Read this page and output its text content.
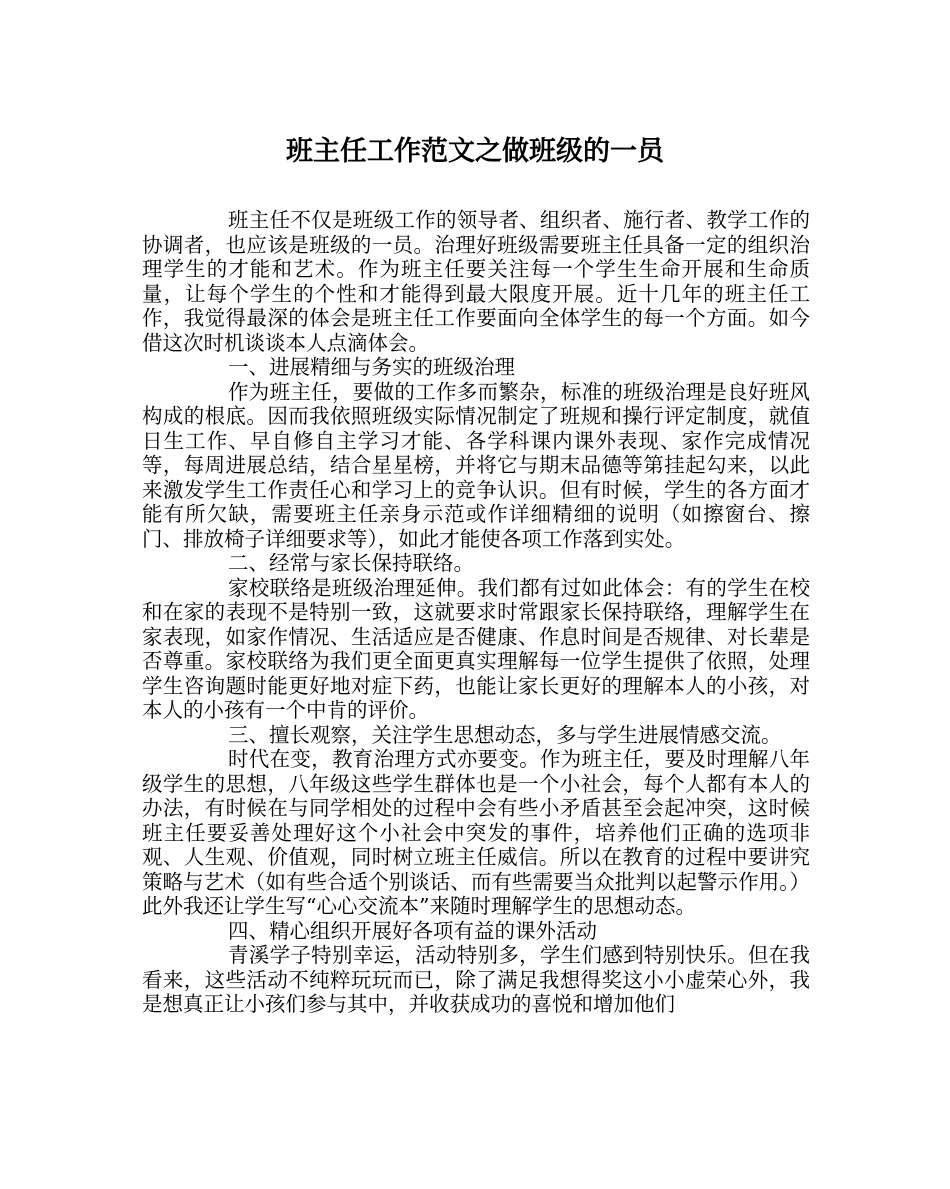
班主任工作范文之做班级的一员

班主任不仅是班级工作的领导者、组织者、施行者、教学工作的协调者，也应该是班级的一员。治理好班级需要班主任具备一定的组织治理学生的才能和艺术。作为班主任要关注每一个学生生命开展和生命质量，让每个学生的个性和才能得到最大限度开展。近十几年的班主任工作，我觉得最深的体会是班主任工作要面向全体学生的每一个方面。如今借这次时机谈谈本人点滴体会。

一、进展精细与务实的班级治理

作为班主任，要做的工作多而繁杂，标准的班级治理是良好班风构成的根底。因而我依照班级实际情况制定了班规和操行评定制度，就值日生工作、早自修自主学习才能、各学科课内课外表现、家作完成情况等，每周进展总结，结合星星榜，并将它与期末品德等第挂起勾来，以此来激发学生工作责任心和学习上的竞争认识。但有时候，学生的各方面才能有所欠缺，需要班主任亲身示范或作详细精细的说明（如擦窗台、擦门、排放椅子详细要求等），如此才能使各项工作落到实处。

二、经常与家长保持联络。

家校联络是班级治理延伸。我们都有过如此体会：有的学生在校和在家的表现不是特别一致，这就要求时常跟家长保持联络，理解学生在家表现，如家作情况、生活适应是否健康、作息时间是否规律、对长辈是否尊重。家校联络为我们更全面更真实理解每一位学生提供了依照，处理学生咨询题时能更好地对症下药，也能让家长更好的理解本人的小孩，对本人的小孩有一个中肯的评价。

三、擅长观察，关注学生思想动态，多与学生进展情感交流。

时代在变，教育治理方式亦要变。作为班主任，要及时理解八年级学生的思想，八年级这些学生群体也是一个小社会，每个人都有本人的办法，有时候在与同学相处的过程中会有些小矛盾甚至会起冲突，这时候班主任要妥善处理好这个小社会中突发的事件，培养他们正确的选项非观、人生观、价值观，同时树立班主任威信。所以在教育的过程中要讲究策略与艺术（如有些合适个别谈话、而有些需要当众批判以起警示作用。）此外我还让学生写“心心交流本”来随时理解学生的思想动态。

四、精心组织开展好各项有益的课外活动

青溪学子特别幸运，活动特别多，学生们感到特别快乐。但在我看来，这些活动不纯粹玩玩而已，除了满足我想得奖这小小虚荣心外，我是想真正让小孩们参与其中，并收获成功的喜悦和增加他们
